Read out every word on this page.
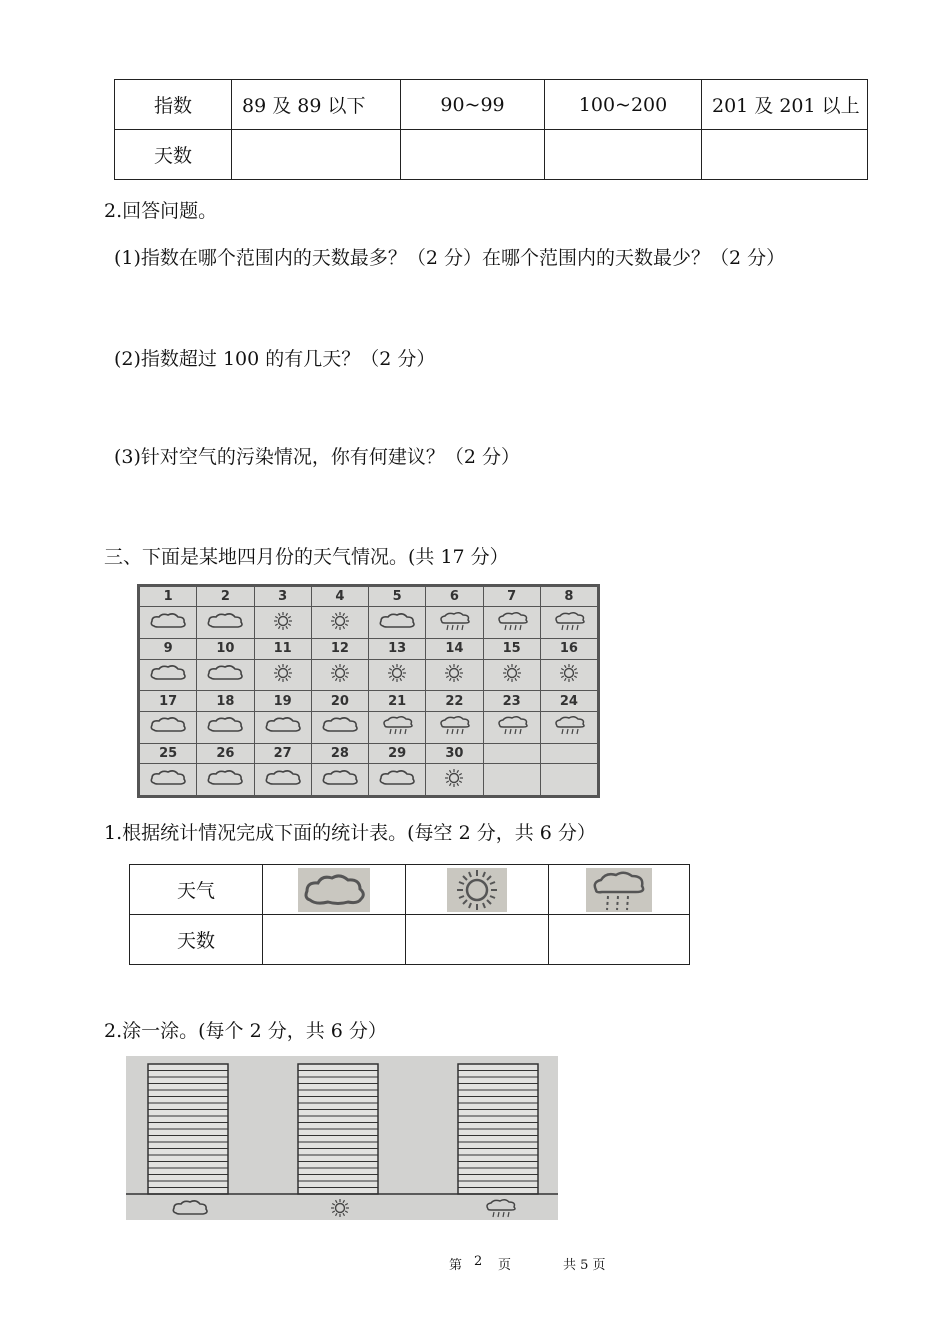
指数	89 及 89 以下	90~99	100~200	201 及 201 以上
天数				
2.回答问题。
(1)指数在哪个范围内的天数最多？（2 分）在哪个范围内的天数最少？（2 分）
(2)指数超过 100 的有几天？（2 分）
(3)针对空气的污染情况，你有何建议？（2 分）
三、下面是某地四月份的天气情况。(共 17 分）
1	2	3	4	5	6	7	8

9	10	11	12	13	14	15	16

17	18	19	20	21	22	23	24

25	26	27	28	29	30		

1.根据统计情况完成下面的统计表。(每空 2 分，共 6 分）
天气			
天数			
2.涂一涂。(每个 2 分，共 6 分）
第 2 页	共 5 页
